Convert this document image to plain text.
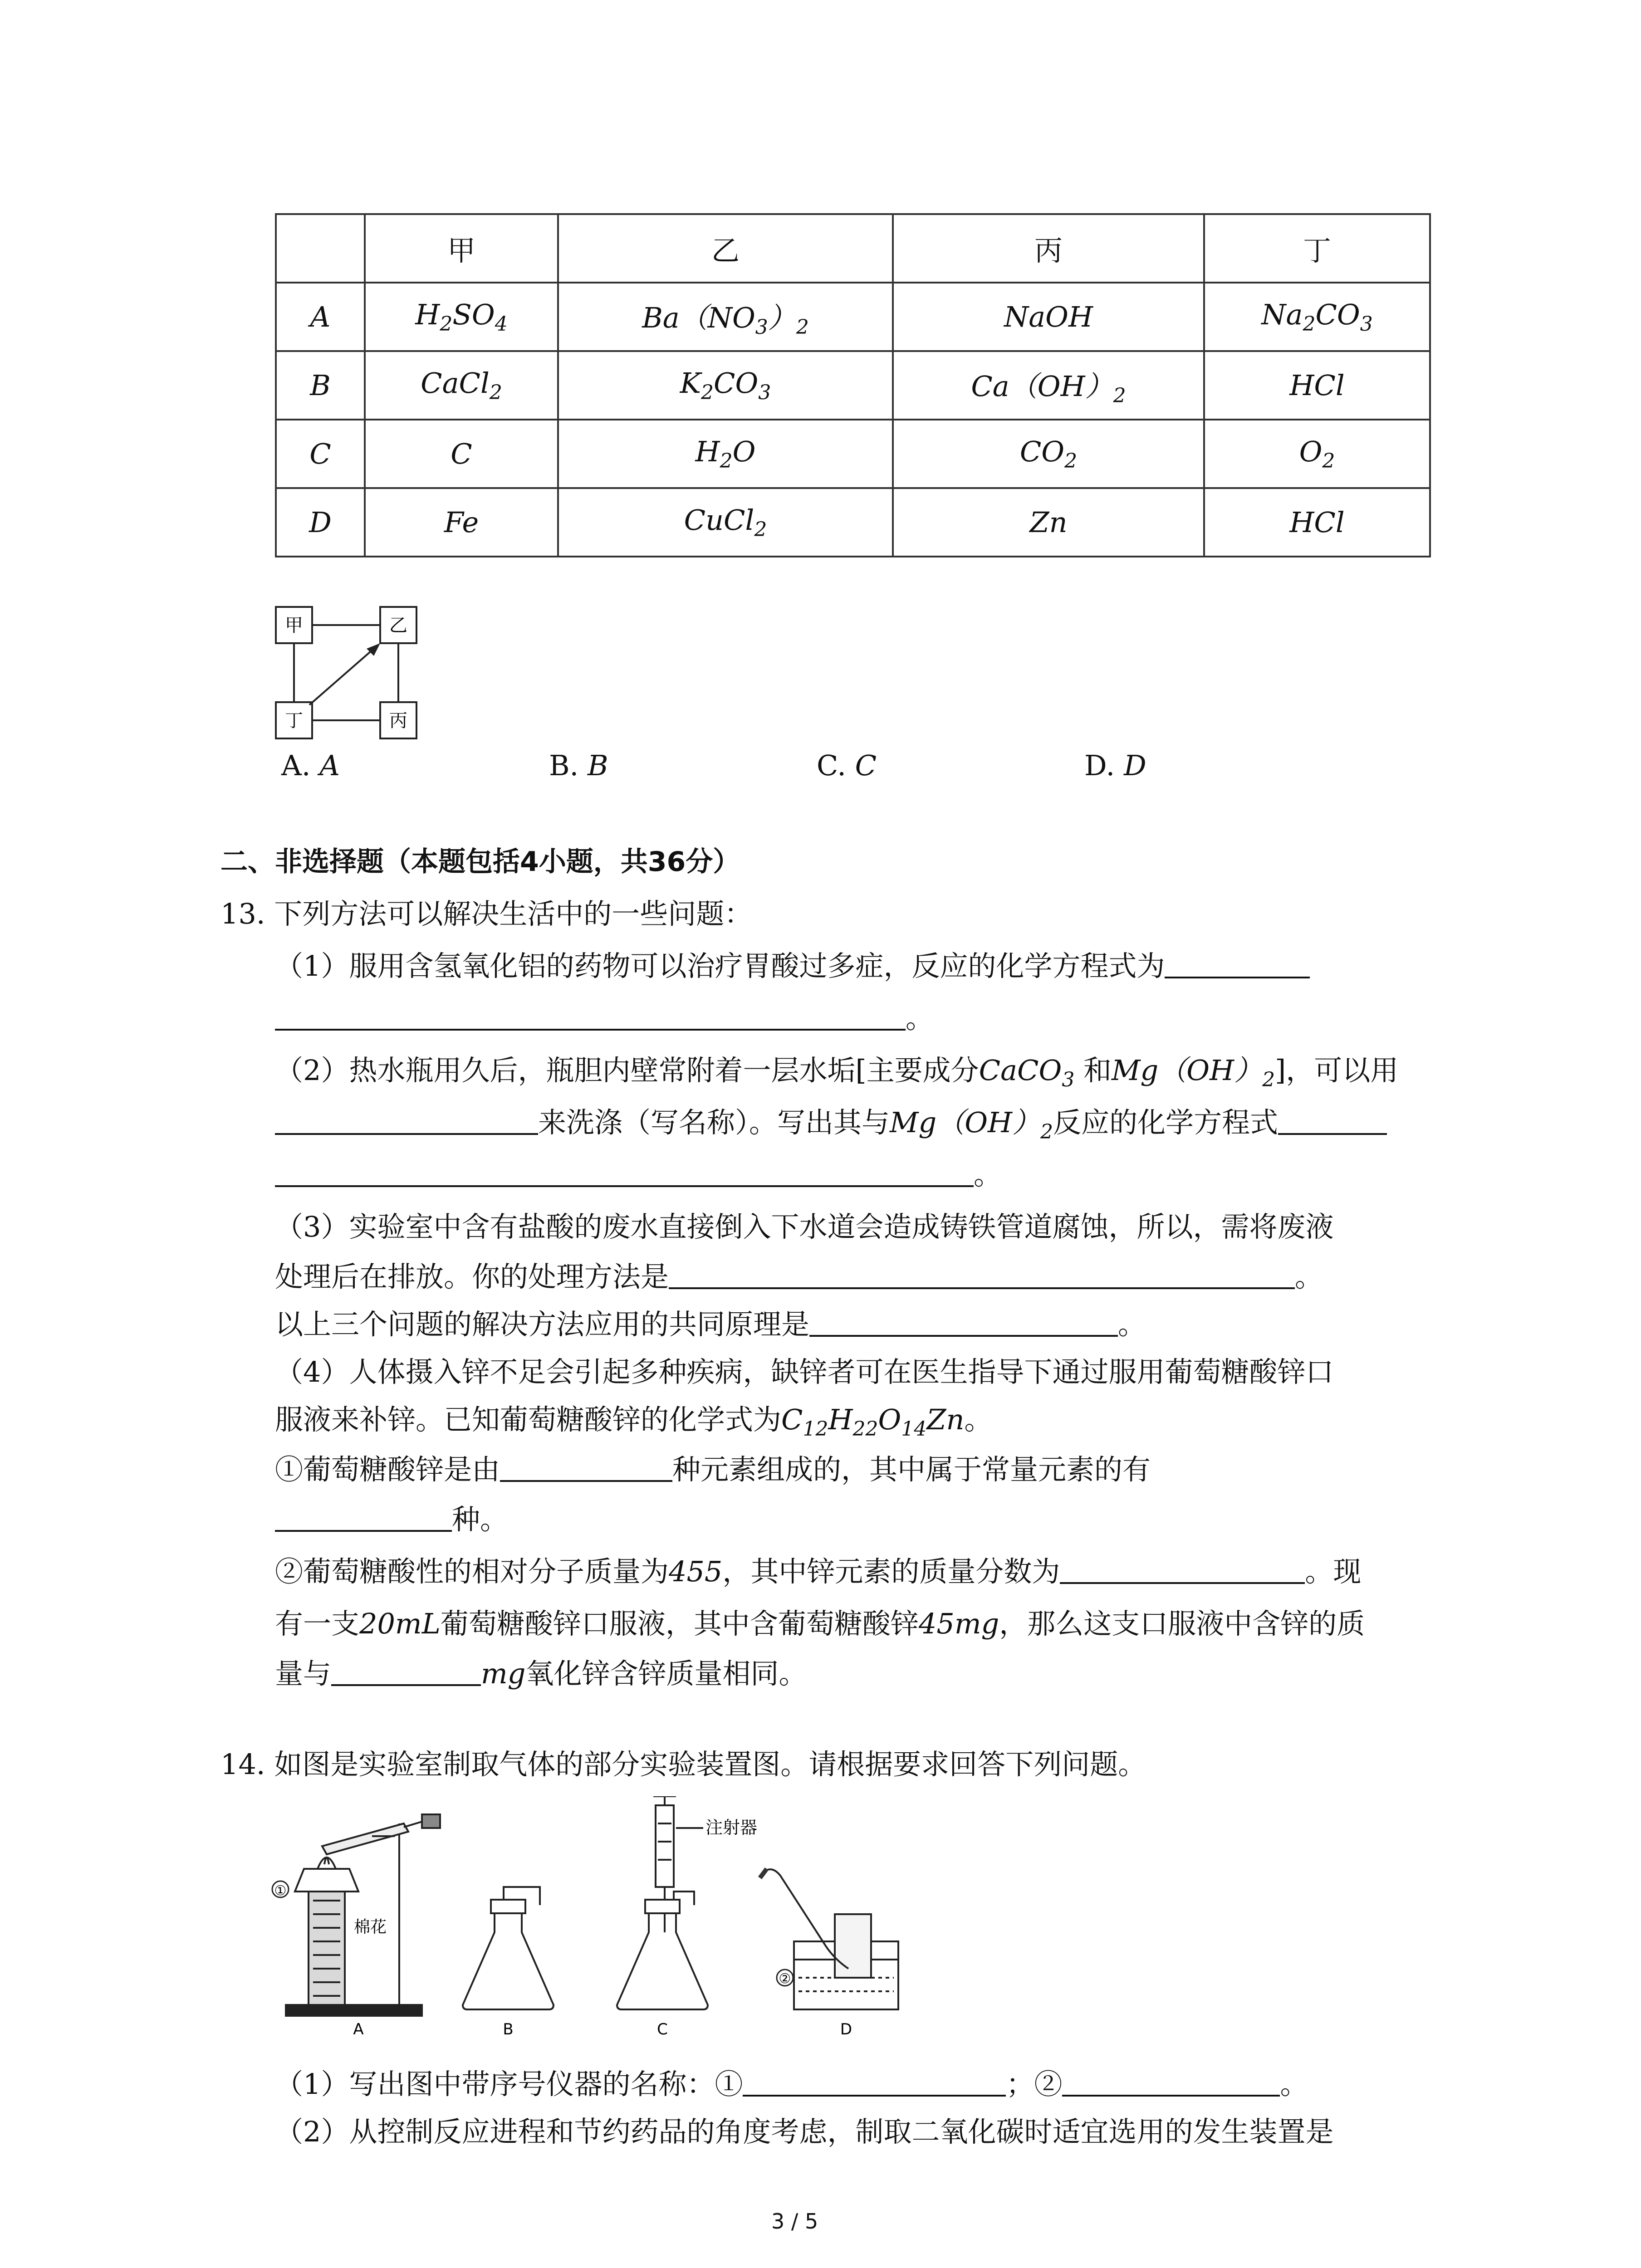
	甲	乙	丙	丁
A	$H_2SO_4$	$Ba(NO_3)_2$	NaOH	$Na_2CO_3$
B	CaCl$_2$	$K_2CO_3$	$Ca(OH)_2$	HCl
C	C	$H_2O$	$CO_2$	$O_2$
D	Fe	CuCl$_2$	Zn	HCl
甲	乙
丁	丙
A. A	B. B	C. C	D. D
二、非选择题（本题包括4小题，共36分）
13. 下列方法可以解决生活中的一些问题：
（1）服用含氢氧化铝的药物可以治疗胃酸过多症，反应的化学方程式为
。
（2）热水瓶用久后，瓶胆内壁常附着一层水垢[主要成分CaCO$_3$ 和$Mg(OH)_2$]，可以用
来洗涤（写名称）。写出其与$Mg(OH)_2$反应的化学方程式
。
（3）实验室中含有盐酸的废水直接倒入下水道会造成铸铁管道腐蚀，所以，需将废液
处理后在排放。你的处理方法是	。
以上三个问题的解决方法应用的共同原理是	。
（4）人体摄入锌不足会引起多种疾病，缺锌者可在医生指导下通过服用葡萄糖酸锌口
服液来补锌。已知葡萄糖酸锌的化学式为$C_{12}H_{22}O_{14}Zn$。
①葡萄糖酸锌是由	种元素组成的，其中属于常量元素的有
种。
②葡萄糖酸性的相对分子质量为455，其中锌元素的质量分数为	。现
有一支20mL葡萄糖酸锌口服液，其中含葡萄糖酸锌45mg，那么这支口服液中含锌的质
量与	mg氧化锌含锌质量相同。
14. 如图是实验室制取气体的部分实验装置图。请根据要求回答下列问题。
①
棉花
A	B
注射器
C
②
D
（1）写出图中带序号仪器的名称：①	；②	。
（2）从控制反应进程和节约药品的角度考虑，制取二氧化碳时适宜选用的发生装置是
3 / 5
